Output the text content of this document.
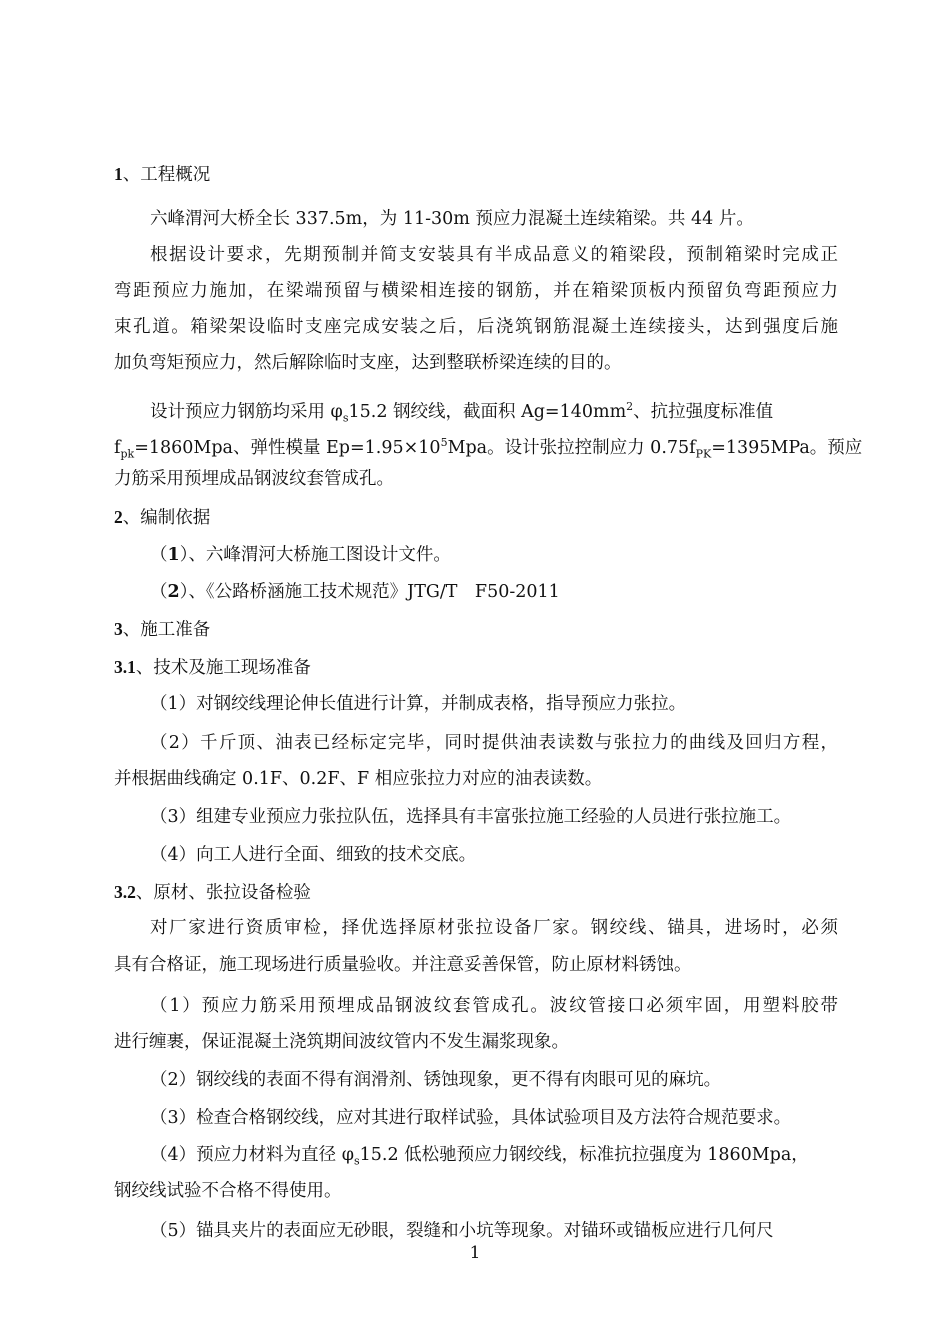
1、工程概况
六峰渭河大桥全长 337.5m，为 11-30m 预应力混凝土连续箱梁。共 44 片。
根据设计要求，先期预制并简支安装具有半成品意义的箱梁段，预制箱梁时完成正
弯距预应力施加，在梁端预留与横梁相连接的钢筋，并在箱梁顶板内预留负弯距预应力
束孔道。箱梁架设临时支座完成安装之后，后浇筑钢筋混凝土连续接头，达到强度后施
加负弯矩预应力，然后解除临时支座，达到整联桥梁连续的目的。
设计预应力钢筋均采用 $\varphi_s15.2$ 钢绞线，截面积 $Ag=140mm^2$、抗拉强度标准值
$f_{pk}=1860Mpa$、弹性模量 $Ep=1.95\times 10^5Mpa$。设计张拉控制应力 $0.75f_{PK}=1395MPa$。预应
力筋采用预埋成品钢波纹套管成孔。
2、编制依据
（1）、六峰渭河大桥施工图设计文件。
（2）、《公路桥涵施工技术规范》JTG/T　F50-2011
3、施工准备
3.1、技术及施工现场准备
（1）对钢绞线理论伸长值进行计算，并制成表格，指导预应力张拉。
（2）千斤顶、油表已经标定完毕，同时提供油表读数与张拉力的曲线及回归方程，
并根据曲线确定 0.1F、0.2F、F 相应张拉力对应的油表读数。
（3）组建专业预应力张拉队伍，选择具有丰富张拉施工经验的人员进行张拉施工。
（4）向工人进行全面、细致的技术交底。
3.2、原材、张拉设备检验
对厂家进行资质审检，择优选择原材张拉设备厂家。钢绞线、锚具，进场时，必须
具有合格证，施工现场进行质量验收。并注意妥善保管，防止原材料锈蚀。
（1）预应力筋采用预埋成品钢波纹套管成孔。波纹管接口必须牢固，用塑料胶带
进行缠裹，保证混凝土浇筑期间波纹管内不发生漏浆现象。
（2）钢绞线的表面不得有润滑剂、锈蚀现象，更不得有肉眼可见的麻坑。
（3）检查合格钢绞线，应对其进行取样试验，具体试验项目及方法符合规范要求。
（4）预应力材料为直径 $\varphi_s15.2$ 低松驰预应力钢绞线，标准抗拉强度为 1860Mpa，
钢绞线试验不合格不得使用。
（5）锚具夹片的表面应无砂眼，裂缝和小坑等现象。对锚环或锚板应进行几何尺
1
